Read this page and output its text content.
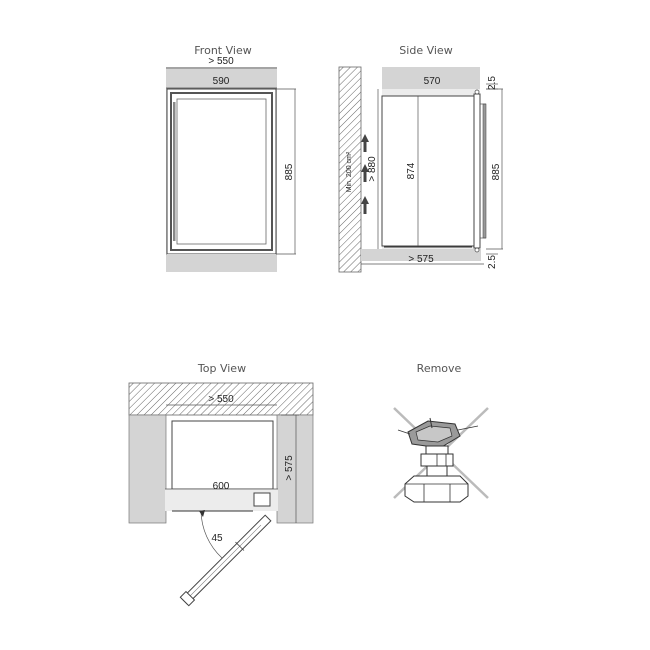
Front View
> 550
590
885
Side View
570
Min. 200 cm² > 880	874	885
2.5
2.5
> 575
Top View
> 550
600
> 575
45
Remove
